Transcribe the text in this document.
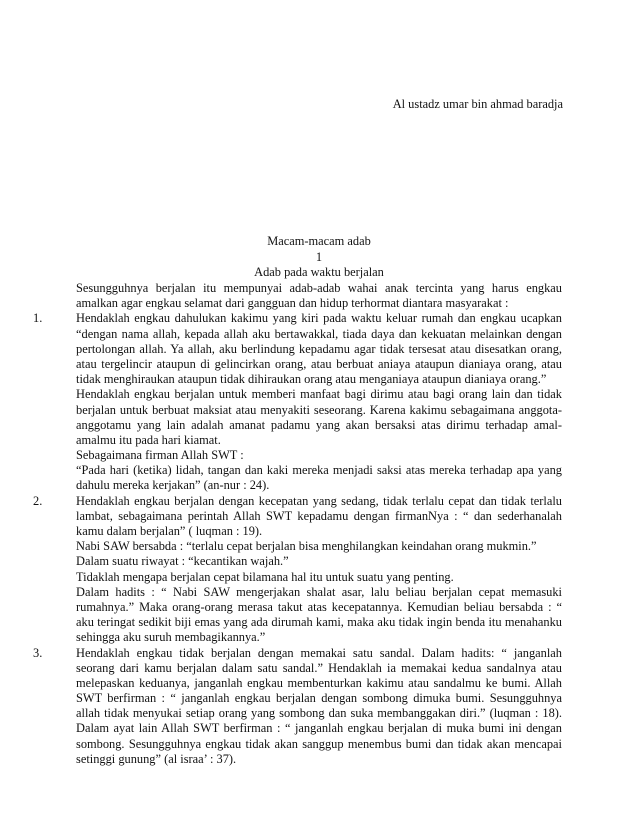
Al ustadz umar bin ahmad baradja
Macam-macam adab
1
Adab pada waktu berjalan
Sesungguhnya berjalan itu mempunyai adab-adab wahai anak tercinta yang harus engkau
amalkan agar engkau selamat dari gangguan dan hidup terhormat diantara masyarakat :
1.	Hendaklah engkau dahulukan kakimu yang kiri pada waktu keluar rumah dan engkau ucapkan
“dengan nama allah, kepada allah aku bertawakkal, tiada daya dan kekuatan melainkan dengan
pertolongan allah. Ya allah, aku berlindung kepadamu agar tidak tersesat atau disesatkan orang,
atau tergelincir ataupun di gelincirkan orang, atau berbuat aniaya ataupun dianiaya orang, atau
tidak menghiraukan ataupun tidak dihiraukan orang atau menganiaya ataupun dianiaya orang.”
Hendaklah engkau berjalan untuk memberi manfaat bagi dirimu atau bagi orang lain dan tidak
berjalan untuk berbuat maksiat atau menyakiti seseorang. Karena kakimu sebagaimana anggota-
anggotamu yang lain adalah amanat padamu yang akan bersaksi atas dirimu terhadap amal-
amalmu itu pada hari kiamat.
Sebagaimana firman Allah SWT :
“Pada hari (ketika) lidah, tangan dan kaki mereka menjadi saksi atas mereka terhadap apa yang
dahulu mereka kerjakan” (an-nur : 24).
2.	Hendaklah engkau berjalan dengan kecepatan yang sedang, tidak terlalu cepat dan tidak terlalu
lambat, sebagaimana perintah Allah SWT kepadamu dengan firmanNya : “ dan sederhanalah
kamu dalam berjalan” ( luqman : 19).
Nabi SAW bersabda : “terlalu cepat berjalan bisa menghilangkan keindahan orang mukmin.”
Dalam suatu riwayat : “kecantikan wajah.”
Tidaklah mengapa berjalan cepat bilamana hal itu untuk suatu yang penting.
Dalam hadits : “ Nabi SAW mengerjakan shalat asar, lalu beliau berjalan cepat memasuki
rumahnya.” Maka orang-orang merasa takut atas kecepatannya. Kemudian beliau bersabda : “
aku teringat sedikit biji emas yang ada dirumah kami, maka aku tidak ingin benda itu menahanku
sehingga aku suruh membagikannya.”
3.	Hendaklah engkau tidak berjalan dengan memakai satu sandal. Dalam hadits: “ janganlah
seorang dari kamu berjalan dalam satu sandal.” Hendaklah ia memakai kedua sandalnya atau
melepaskan keduanya, janganlah engkau membenturkan kakimu atau sandalmu ke bumi. Allah
SWT berfirman : “ janganlah engkau berjalan dengan sombong dimuka bumi. Sesungguhnya
allah tidak menyukai setiap orang yang sombong dan suka membanggakan diri.” (luqman : 18).
Dalam ayat lain Allah SWT berfirman : “ janganlah engkau berjalan di muka bumi ini dengan
sombong. Sesungguhnya engkau tidak akan sanggup menembus bumi dan tidak akan mencapai
setinggi gunung” (al israa’ : 37).
